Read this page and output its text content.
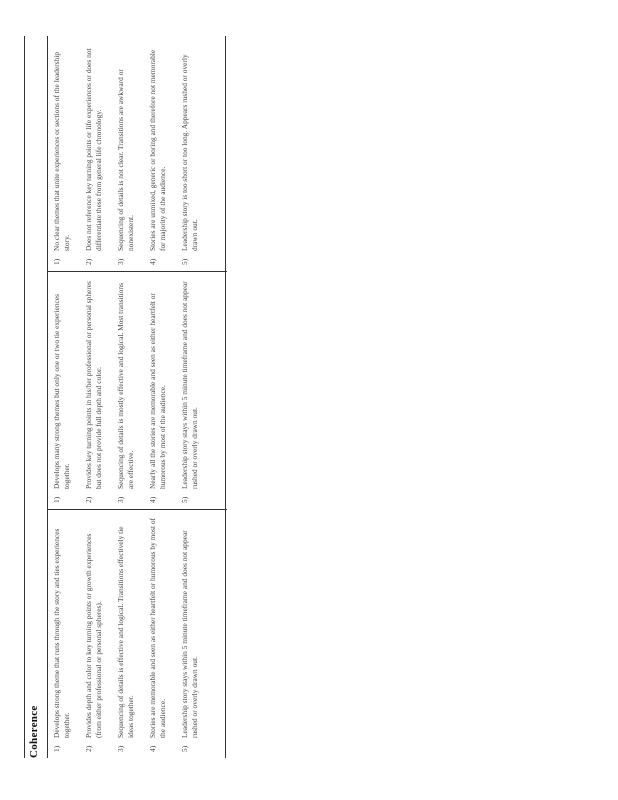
Coherence 1)
Develops strong theme that runs through the story and ties experiences together.
2)
Provides depth and color to key turning points or growth experiences (from either professional or personal spheres).
3)
Sequencing of details is effective and logical. Transitions effectively tie ideas together.
4)
Stories are memorable and seen as either heartfelt or humorous by most of the audience.
5)
Leadership story stays within 5 minute timeframe and does not appear rushed or overly drawn out.
1)
Develops many strong themes but only one or two tie experiences together.
2)
Provides key turning points in his/her professional or personal spheres but does not provide full depth and color.
3)
Sequencing of details is mostly effective and logical. Most transitions are effective.
4)
Nearly all the stories are memorable and seen as either heartfelt or humorous by most of the audience.
5)
Leadership story stays within 5 minute timeframe and does not appear rushed or overly drawn out.
1)
No clear themes that unite experiences or sections of the leadership story.
2)
Does not reference key turning points or life experiences or does not differentiate these from general life chronology.
3)
Sequencing of details is not clear. Transitions are awkward or nonexistent.
4)
Stories are unmixed, generic or boring and therefore not memorable for majority of the audience.
5)
Leadership story is too short or too long. Appears rushed or overly drawn out.
